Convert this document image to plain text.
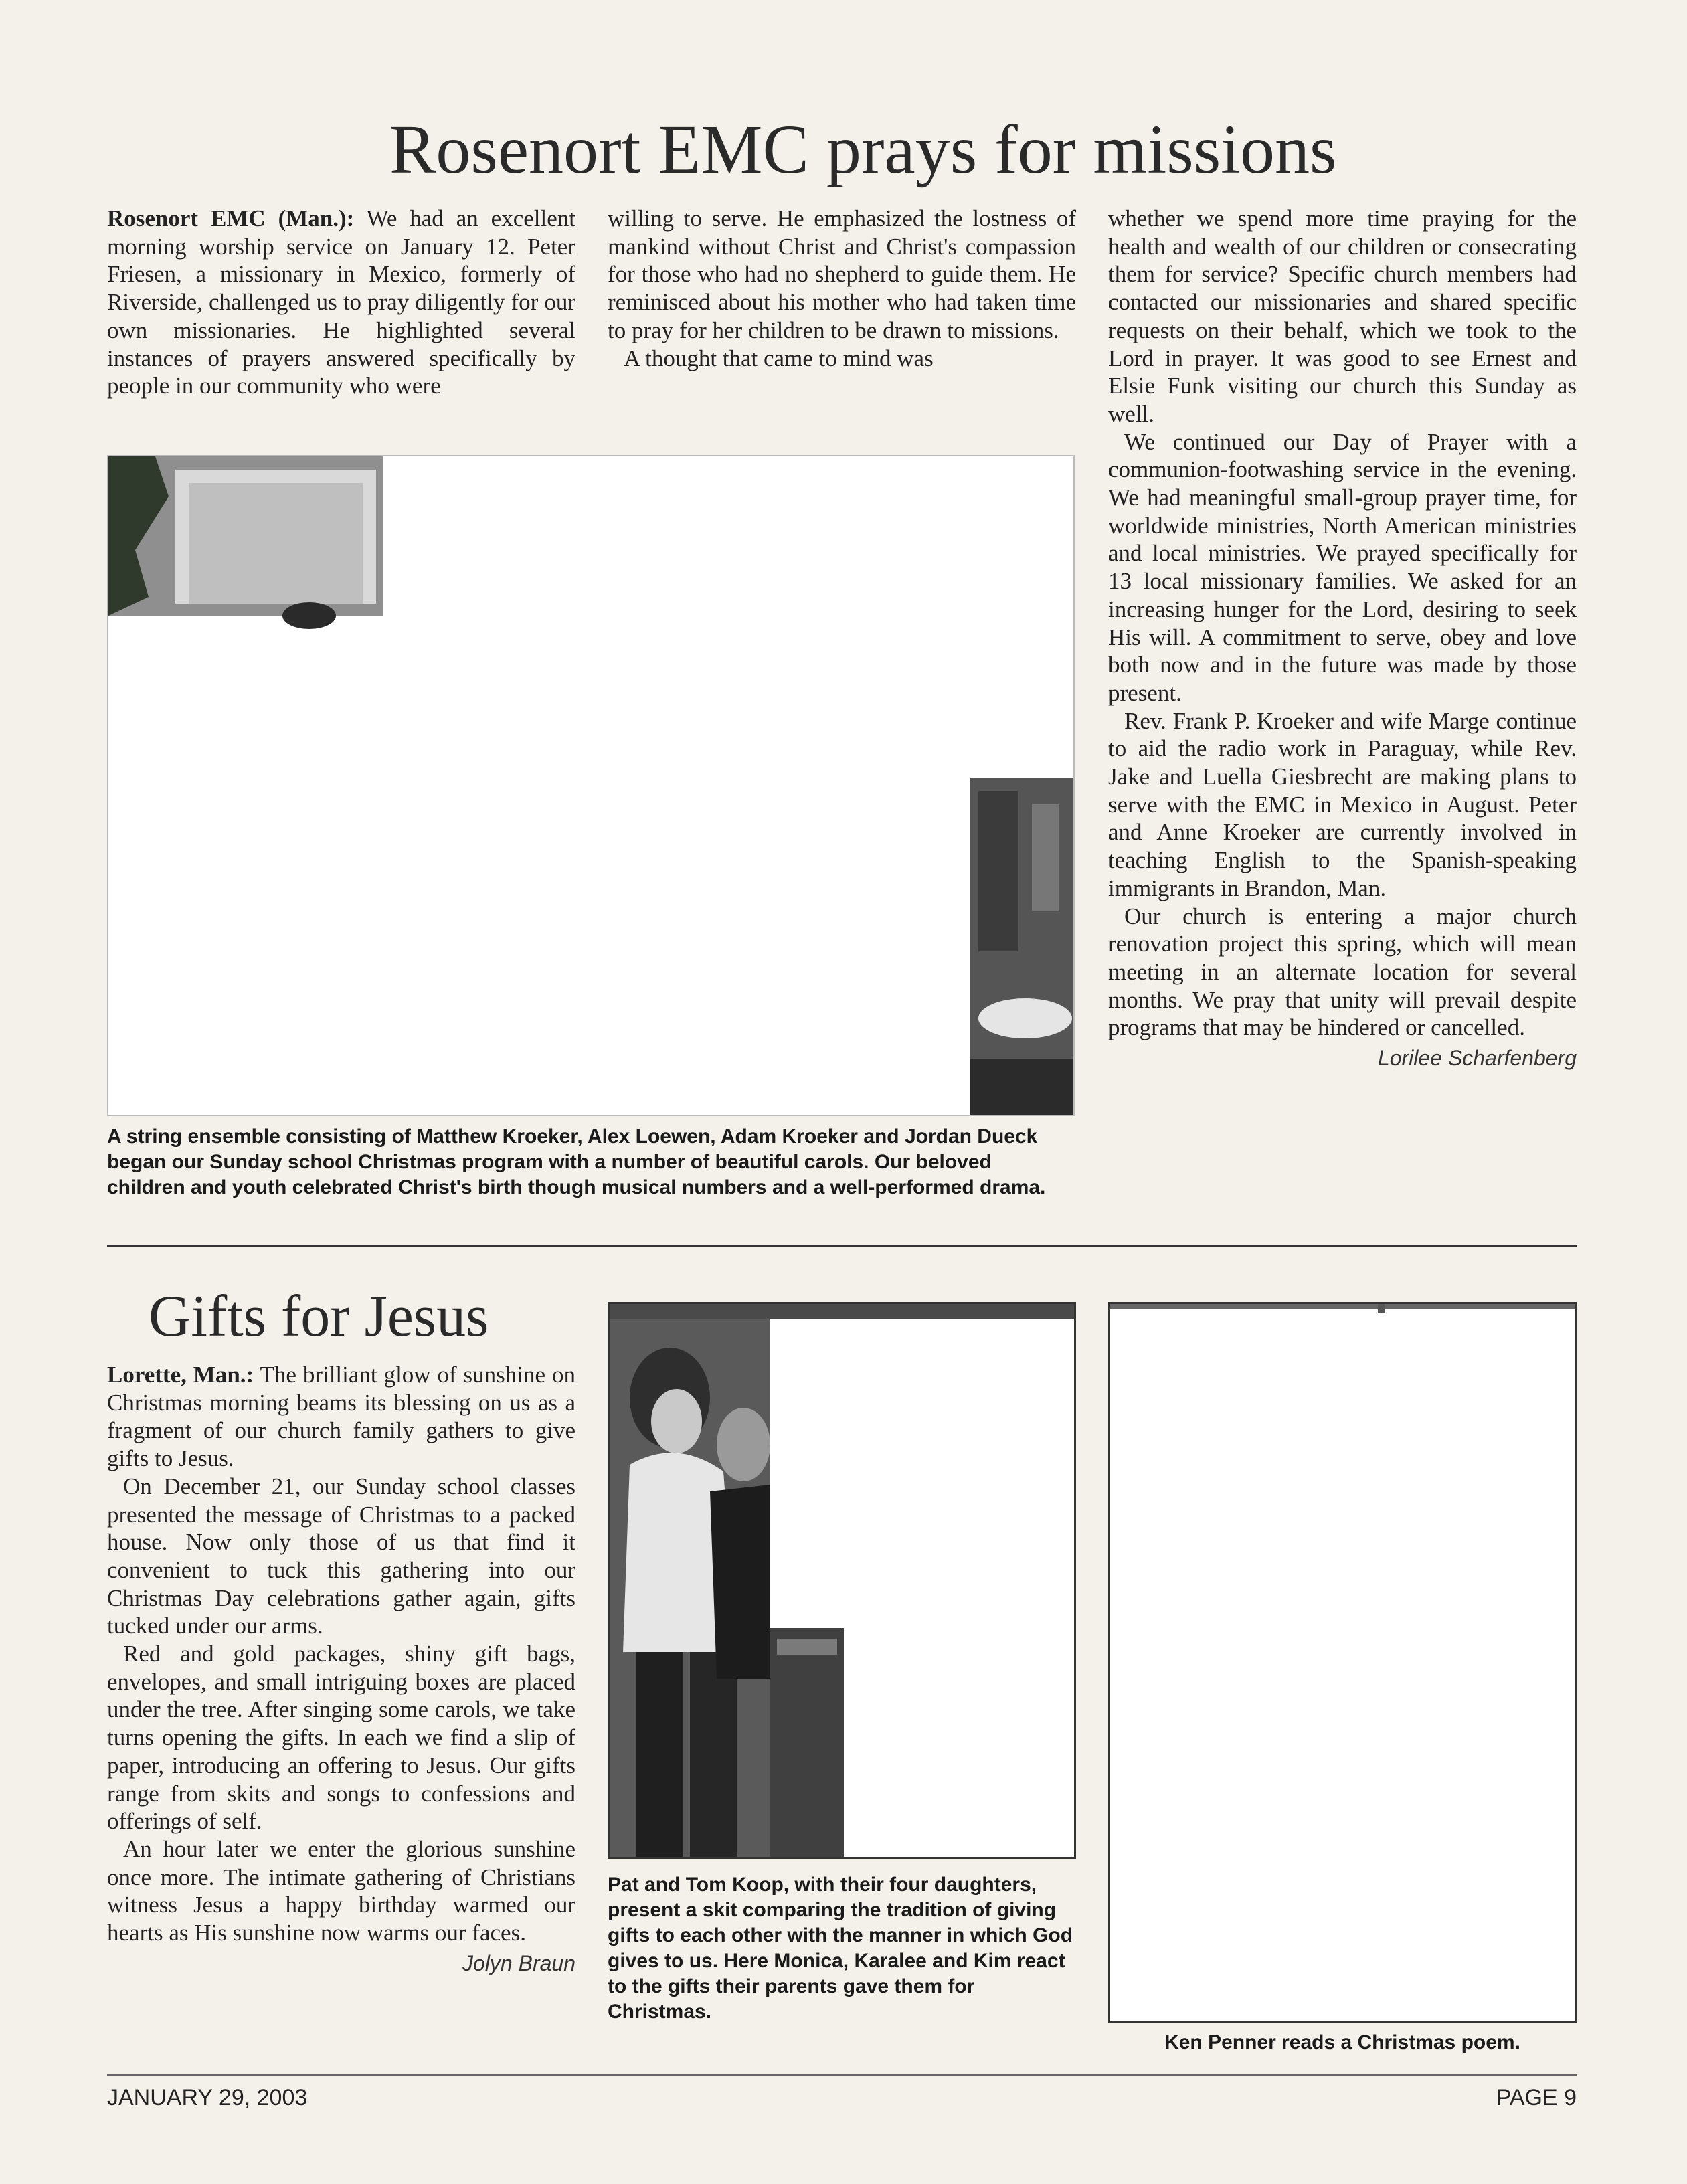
Rosenort EMC prays for missions

Rosenort EMC (Man.): We had an excellent morning worship service on January 12. Peter Friesen, a missionary in Mexico, formerly of Riverside, challenged us to pray diligently for our own missionaries. He highlighted several instances of prayers answered specifically by people in our community who were

willing to serve. He emphasized the lostness of mankind without Christ and Christ's compassion for those who had no shepherd to guide them. He reminisced about his mother who had taken time to pray for her children to be drawn to missions.

A thought that came to mind was

whether we spend more time praying for the health and wealth of our children or consecrating them for service? Specific church members had contacted our missionaries and shared specific requests on their behalf, which we took to the Lord in prayer. It was good to see Ernest and Elsie Funk visiting our church this Sunday as well.

We continued our Day of Prayer with a communion-footwashing service in the evening. We had meaningful small-group prayer time, for worldwide ministries, North American ministries and local ministries. We prayed specifically for 13 local missionary families. We asked for an increasing hunger for the Lord, desiring to seek His will. A commitment to serve, obey and love both now and in the future was made by those present.

Rev. Frank P. Kroeker and wife Marge continue to aid the radio work in Paraguay, while Rev. Jake and Luella Giesbrecht are making plans to serve with the EMC in Mexico in August. Peter and Anne Kroeker are currently involved in teaching English to the Spanish-speaking immigrants in Brandon, Man.

Our church is entering a major church renovation project this spring, which will mean meeting in an alternate location for several months. We pray that unity will prevail despite programs that may be hindered or cancelled.

Lorilee Scharfenberg
A string ensemble consisting of Matthew Kroeker, Alex Loewen, Adam Kroeker and Jordan Dueck began our Sunday school Christmas program with a number of beautiful carols. Our beloved children and youth celebrated Christ's birth though musical numbers and a well-performed drama.
Gifts for Jesus

Lorette, Man.: The brilliant glow of sunshine on Christmas morning beams its blessing on us as a fragment of our church family gathers to give gifts to Jesus.

On December 21, our Sunday school classes presented the message of Christmas to a packed house. Now only those of us that find it convenient to tuck this gathering into our Christmas Day celebrations gather again, gifts tucked under our arms.

Red and gold packages, shiny gift bags, envelopes, and small intriguing boxes are placed under the tree. After singing some carols, we take turns opening the gifts. In each we find a slip of paper, introducing an offering to Jesus. Our gifts range from skits and songs to confessions and offerings of self.

An hour later we enter the glorious sunshine once more. The intimate gathering of Christians witness Jesus a happy birthday warmed our hearts as His sunshine now warms our faces.

Jolyn Braun
Pat and Tom Koop, with their four daughters, present a skit comparing the tradition of giving gifts to each other with the manner in which God gives to us. Here Monica, Karalee and Kim react to the gifts their parents gave them for Christmas.
Ken Penner reads a Christmas poem.
JANUARY 29, 2003	PAGE 9
